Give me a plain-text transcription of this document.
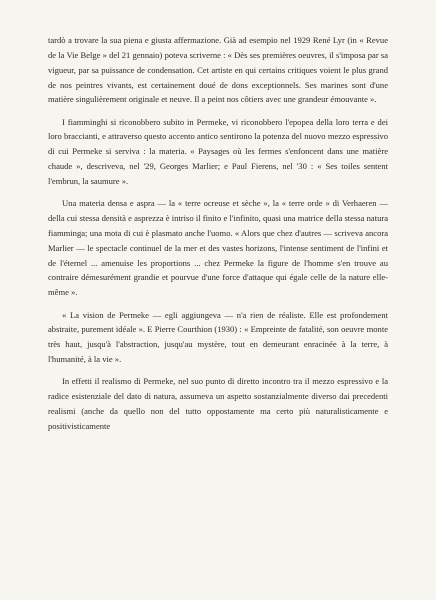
tardò a trovare la sua piena e giusta affermazione. Già ad esempio nel 1929 René Lyr (in « Revue de la Vie Belge » del 21 gennaio) poteva scriverne : « Dès ses premières oeuvres, il s'imposa par sa vigueur, par sa puissance de condensation. Cet artiste en qui certains critiques voient le plus grand de nos peintres vivants, est certainement doué de dons exceptionnels. Ses marines sont d'une matière singulièrement originale et neuve. Il a peint nos côtiers avec une grandeur émouvante ».

I fiamminghi si riconobbero subito in Permeke, vi riconobbero l'epopea della loro terra e dei loro braccianti, e attraverso questo accento antico sentirono la potenza del nuovo mezzo espressivo di cui Permeke si serviva : la materia. « Paysages où les fermes s'enfoncent dans une matière chaude », descriveva, nel '29, Georges Marlier; e Paul Fierens, nel '30 : « Ses toiles sentent l'embrun, la saumure ».

Una materia densa e aspra — la « terre ocreuse et sèche », la « terre orde » di Verhaeren — della cui stessa densità e asprezza è intriso il finito e l'infinito, quasi una matrice della stessa natura fiamminga; una mota di cui è plasmato anche l'uomo. « Alors que chez d'autres — scriveva ancora Marlier — le spectacle continuel de la mer et des vastes horizons, l'intense sentiment de l'infini et de l'éternel ... amenuise les proportions ... chez Permeke la figure de l'homme s'en trouve au contraire démesurément grandie et pourvue d'une force d'attaque qui égale celle de la nature elle-même ».

« La vision de Permeke — egli aggiungeva — n'a rien de réaliste. Elle est profondement abstraite, purement idéale ». E Pierre Courthion (1930) : « Empreinte de fatalité, son oeuvre monte très haut, jusqu'à l'abstraction, jusqu'au mystère, tout en demeurant enracinée à la terre, à l'humanité, à la vie ».

In effetti il realismo di Permeke, nel suo punto di diretto incontro tra il mezzo espressivo e la radice esistenziale del dato di natura, assumeva un aspetto sostanzialmente diverso dai precedenti realismi (anche da quello non del tutto oppostamente ma certo più naturalisticamente e positivisticamente
